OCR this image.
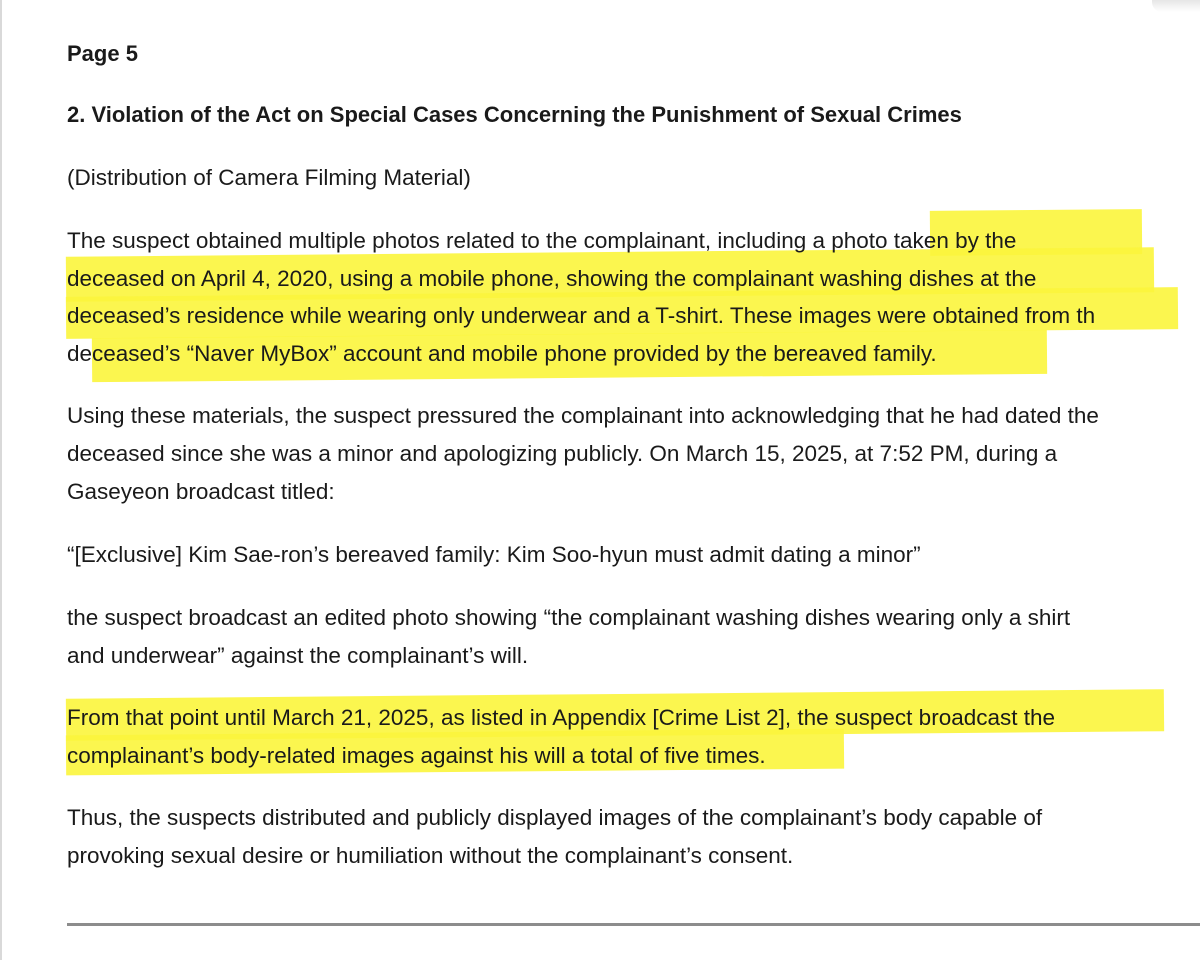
Page 5
2. Violation of the Act on Special Cases Concerning the Punishment of Sexual Crimes
(Distribution of Camera Filming Material)
The suspect obtained multiple photos related to the complainant, including a photo taken by the
deceased on April 4, 2020, using a mobile phone, showing the complainant washing dishes at the
deceased’s residence while wearing only underwear and a T-shirt. These images were obtained from th
deceased’s “Naver MyBox” account and mobile phone provided by the bereaved family.
Using these materials, the suspect pressured the complainant into acknowledging that he had dated the
deceased since she was a minor and apologizing publicly. On March 15, 2025, at 7:52 PM, during a
Gaseyeon broadcast titled:
“[Exclusive] Kim Sae-ron’s bereaved family: Kim Soo-hyun must admit dating a minor”
the suspect broadcast an edited photo showing “the complainant washing dishes wearing only a shirt
and underwear” against the complainant’s will.
From that point until March 21, 2025, as listed in Appendix [Crime List 2], the suspect broadcast the
complainant’s body-related images against his will a total of five times.
Thus, the suspects distributed and publicly displayed images of the complainant’s body capable of
provoking sexual desire or humiliation without the complainant’s consent.
